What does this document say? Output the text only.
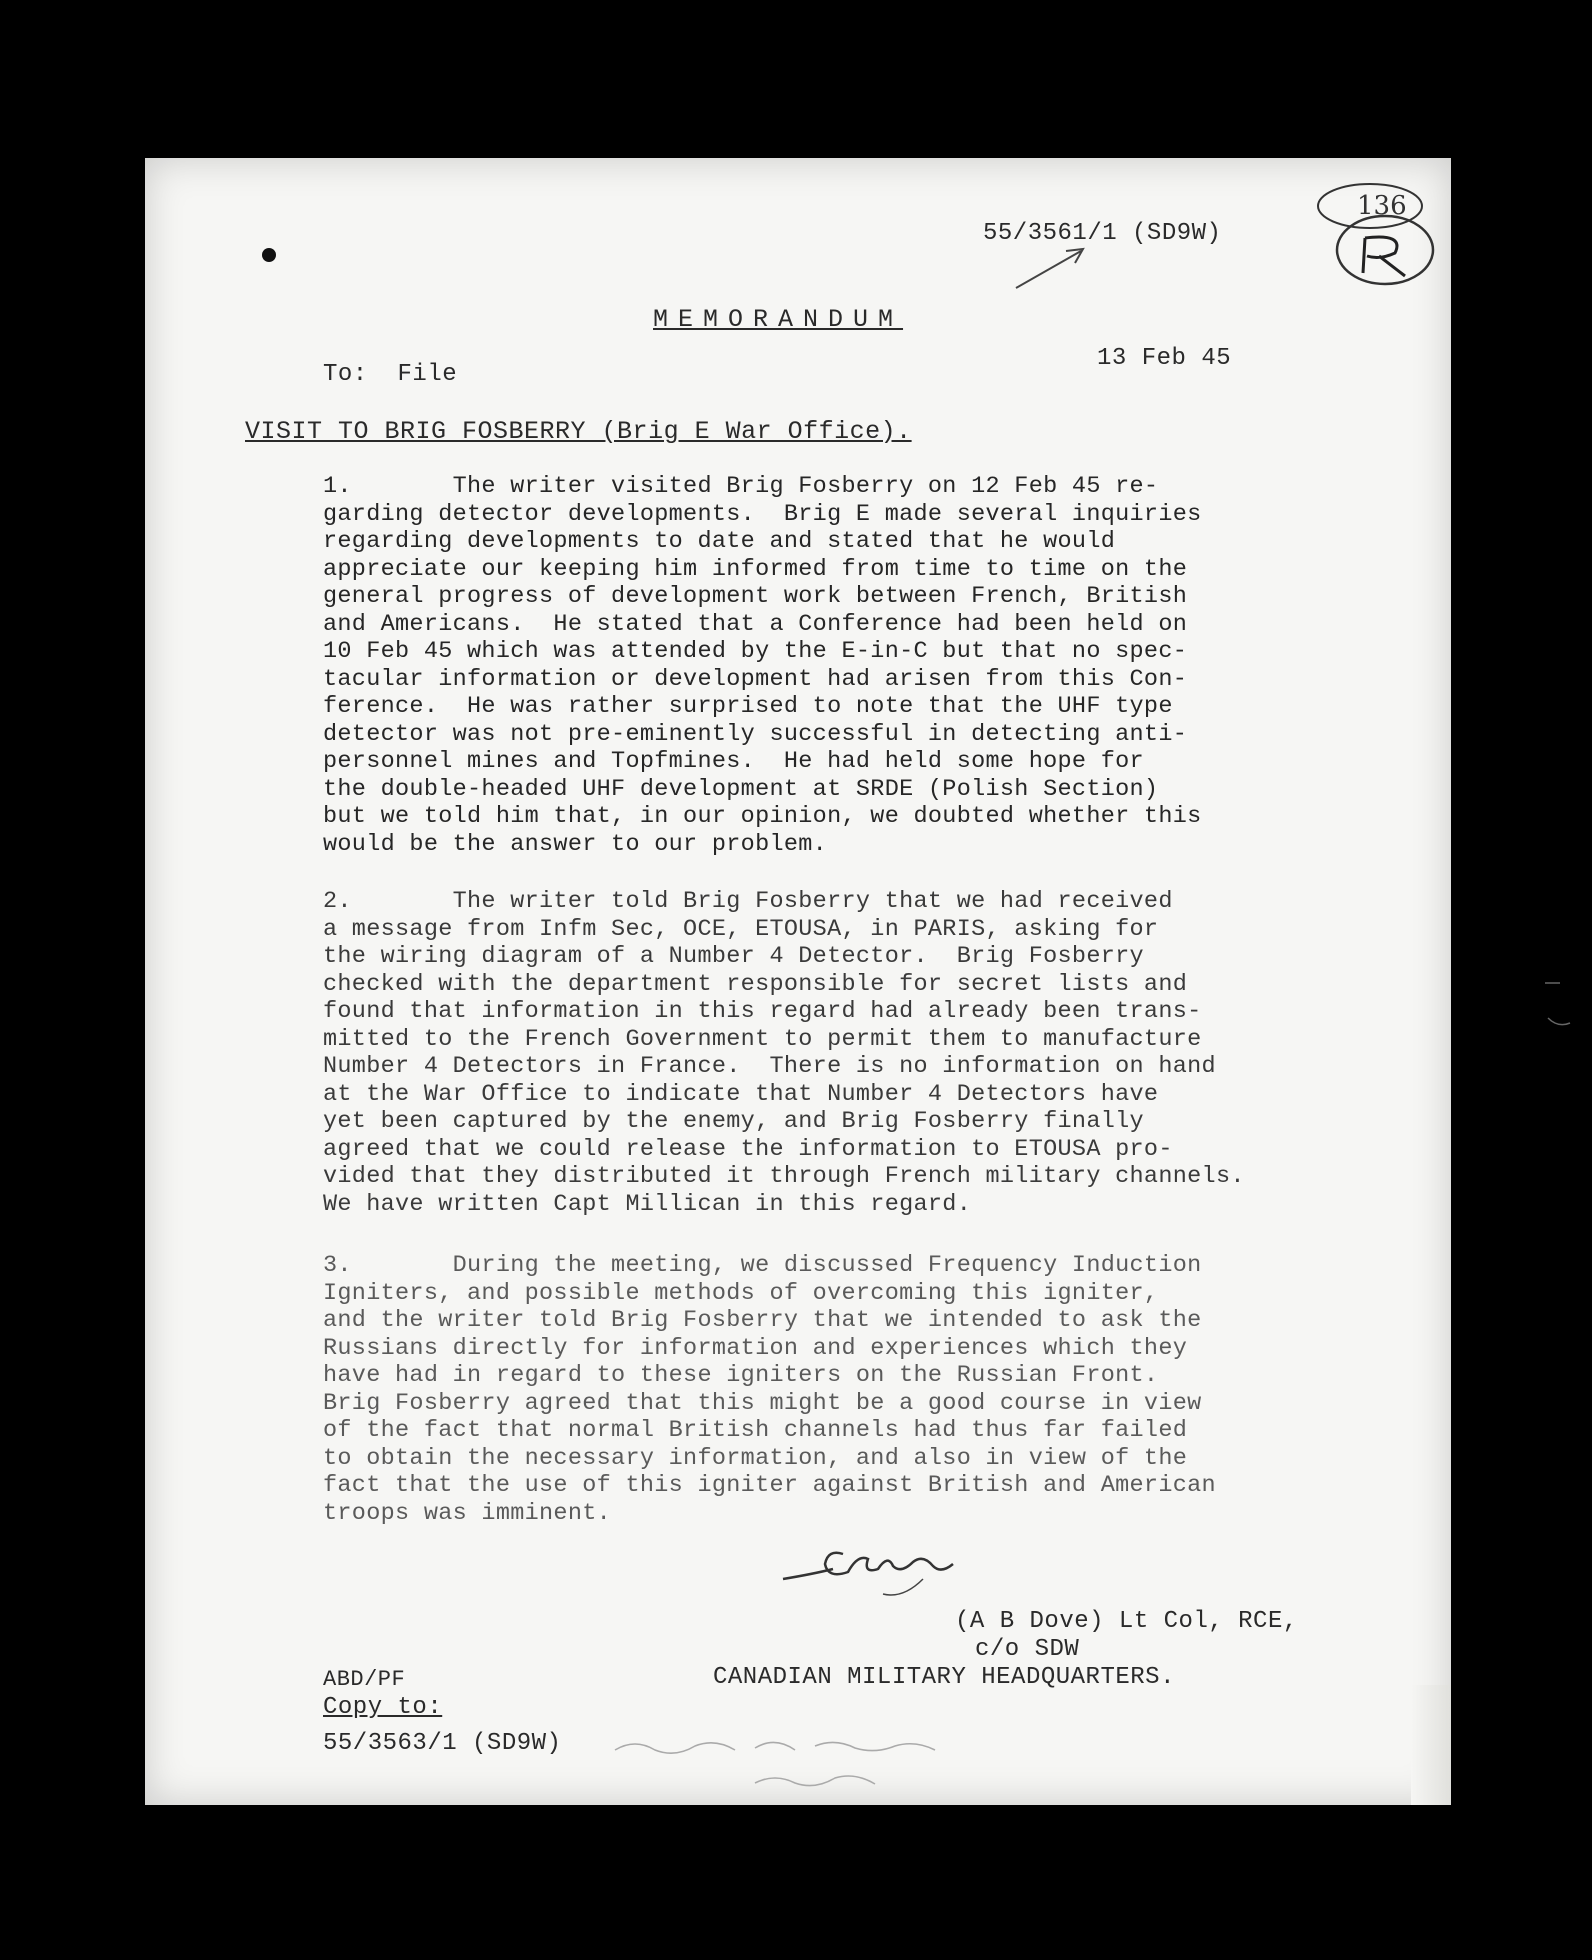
55/3561/1 (SD9W)
136
MEMORANDUM
To:  File
13 Feb 45
VISIT TO BRIG FOSBERRY (Brig E War Office).
1.       The writer visited Brig Fosberry on 12 Feb 45 re-
garding detector developments.  Brig E made several inquiries
regarding developments to date and stated that he would
appreciate our keeping him informed from time to time on the
general progress of development work between French, British
and Americans.  He stated that a Conference had been held on
10 Feb 45 which was attended by the E-in-C but that no spec-
tacular information or development had arisen from this Con-
ference.  He was rather surprised to note that the UHF type
detector was not pre-eminently successful in detecting anti-
personnel mines and Topfmines.  He had held some hope for
the double-headed UHF development at SRDE (Polish Section)
but we told him that, in our opinion, we doubted whether this
would be the answer to our problem.
2.       The writer told Brig Fosberry that we had received
a message from Infm Sec, OCE, ETOUSA, in PARIS, asking for
the wiring diagram of a Number 4 Detector.  Brig Fosberry
checked with the department responsible for secret lists and
found that information in this regard had already been trans-
mitted to the French Government to permit them to manufacture
Number 4 Detectors in France.  There is no information on hand
at the War Office to indicate that Number 4 Detectors have
yet been captured by the enemy, and Brig Fosberry finally
agreed that we could release the information to ETOUSA pro-
vided that they distributed it through French military channels.
We have written Capt Millican in this regard.
3.       During the meeting, we discussed Frequency Induction
Igniters, and possible methods of overcoming this igniter,
and the writer told Brig Fosberry that we intended to ask the
Russians directly for information and experiences which they
have had in regard to these igniters on the Russian Front.
Brig Fosberry agreed that this might be a good course in view
of the fact that normal British channels had thus far failed
to obtain the necessary information, and also in view of the
fact that the use of this igniter against British and American
troops was imminent.
(A B Dove) Lt Col, RCE,
c/o SDW
CANADIAN MILITARY HEADQUARTERS.
ABD/PF
Copy to:
55/3563/1 (SD9W)
